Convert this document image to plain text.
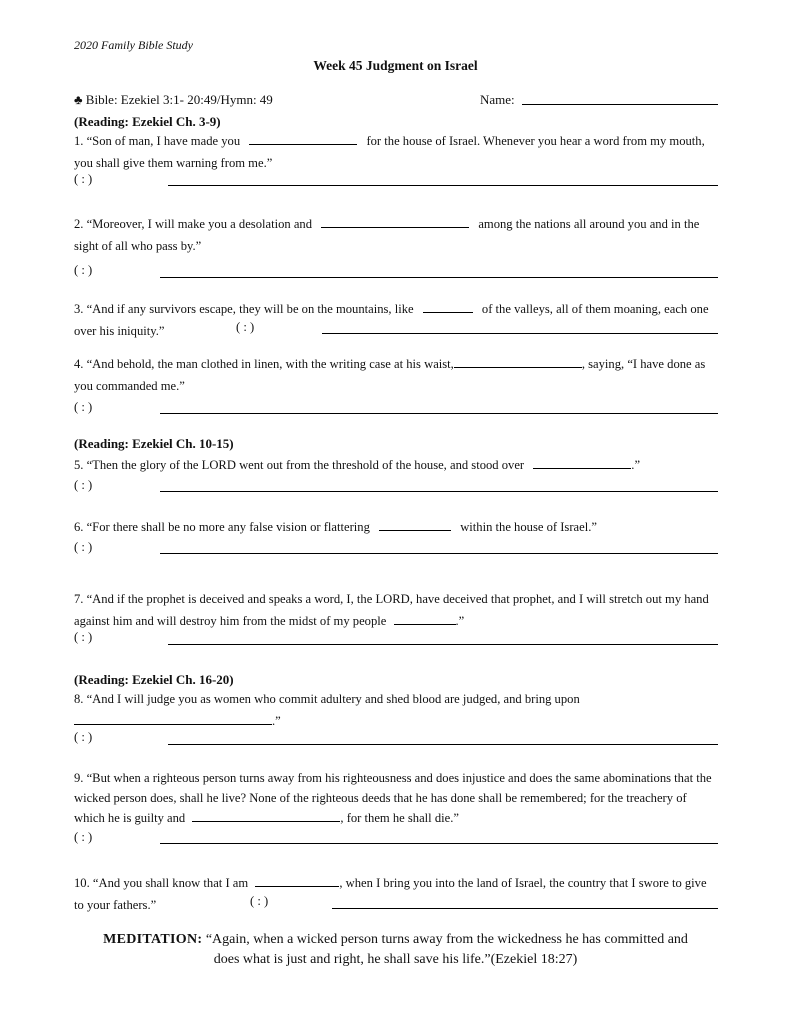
2020 Family Bible Study
Week 45 Judgment on Israel
♣ Bible: Ezekiel 3:1- 20:49/Hymn: 49	Name:
(Reading: Ezekiel Ch. 3-9)
1. “Son of man, I have made you	for the house of Israel. Whenever you hear a word from my mouth, you shall give them warning from me.”
( : )
2. “Moreover, I will make you a desolation and	among the nations all around you and in the sight of all who pass by.”
( : )
3. “And if any survivors escape, they will be on the mountains, like	of the valleys, all of them moaning, each one over his iniquity.”	( : )
4. “And behold, the man clothed in linen, with the writing case at his waist,	, saying, “I have done as you commanded me.”
( : )
(Reading: Ezekiel Ch. 10-15)
5. “Then the glory of the LORD went out from the threshold of the house, and stood over	.”
( : )
6. “For there shall be no more any false vision or flattering	within the house of Israel.”
( : )
7. “And if the prophet is deceived and speaks a word, I, the LORD, have deceived that prophet, and I will stretch out my hand against him and will destroy him from the midst of my people	.”
( : )
(Reading: Ezekiel Ch. 16-20)
8. “And I will judge you as women who commit adultery and shed blood are judged, and bring upon .”
( : )
9. “But when a righteous person turns away from his righteousness and does injustice and does the same abominations that the wicked person does, shall he live? None of the righteous deeds that he has done shall be remembered; for the treachery of which he is guilty and	, for them he shall die.”
( : )
10. “And you shall know that I am	, when I bring you into the land of Israel, the country that I swore to give to your fathers.”	( : )
MEDITATION: “Again, when a wicked person turns away from the wickedness he has committed and does what is just and right, he shall save his life.”(Ezekiel 18:27)
